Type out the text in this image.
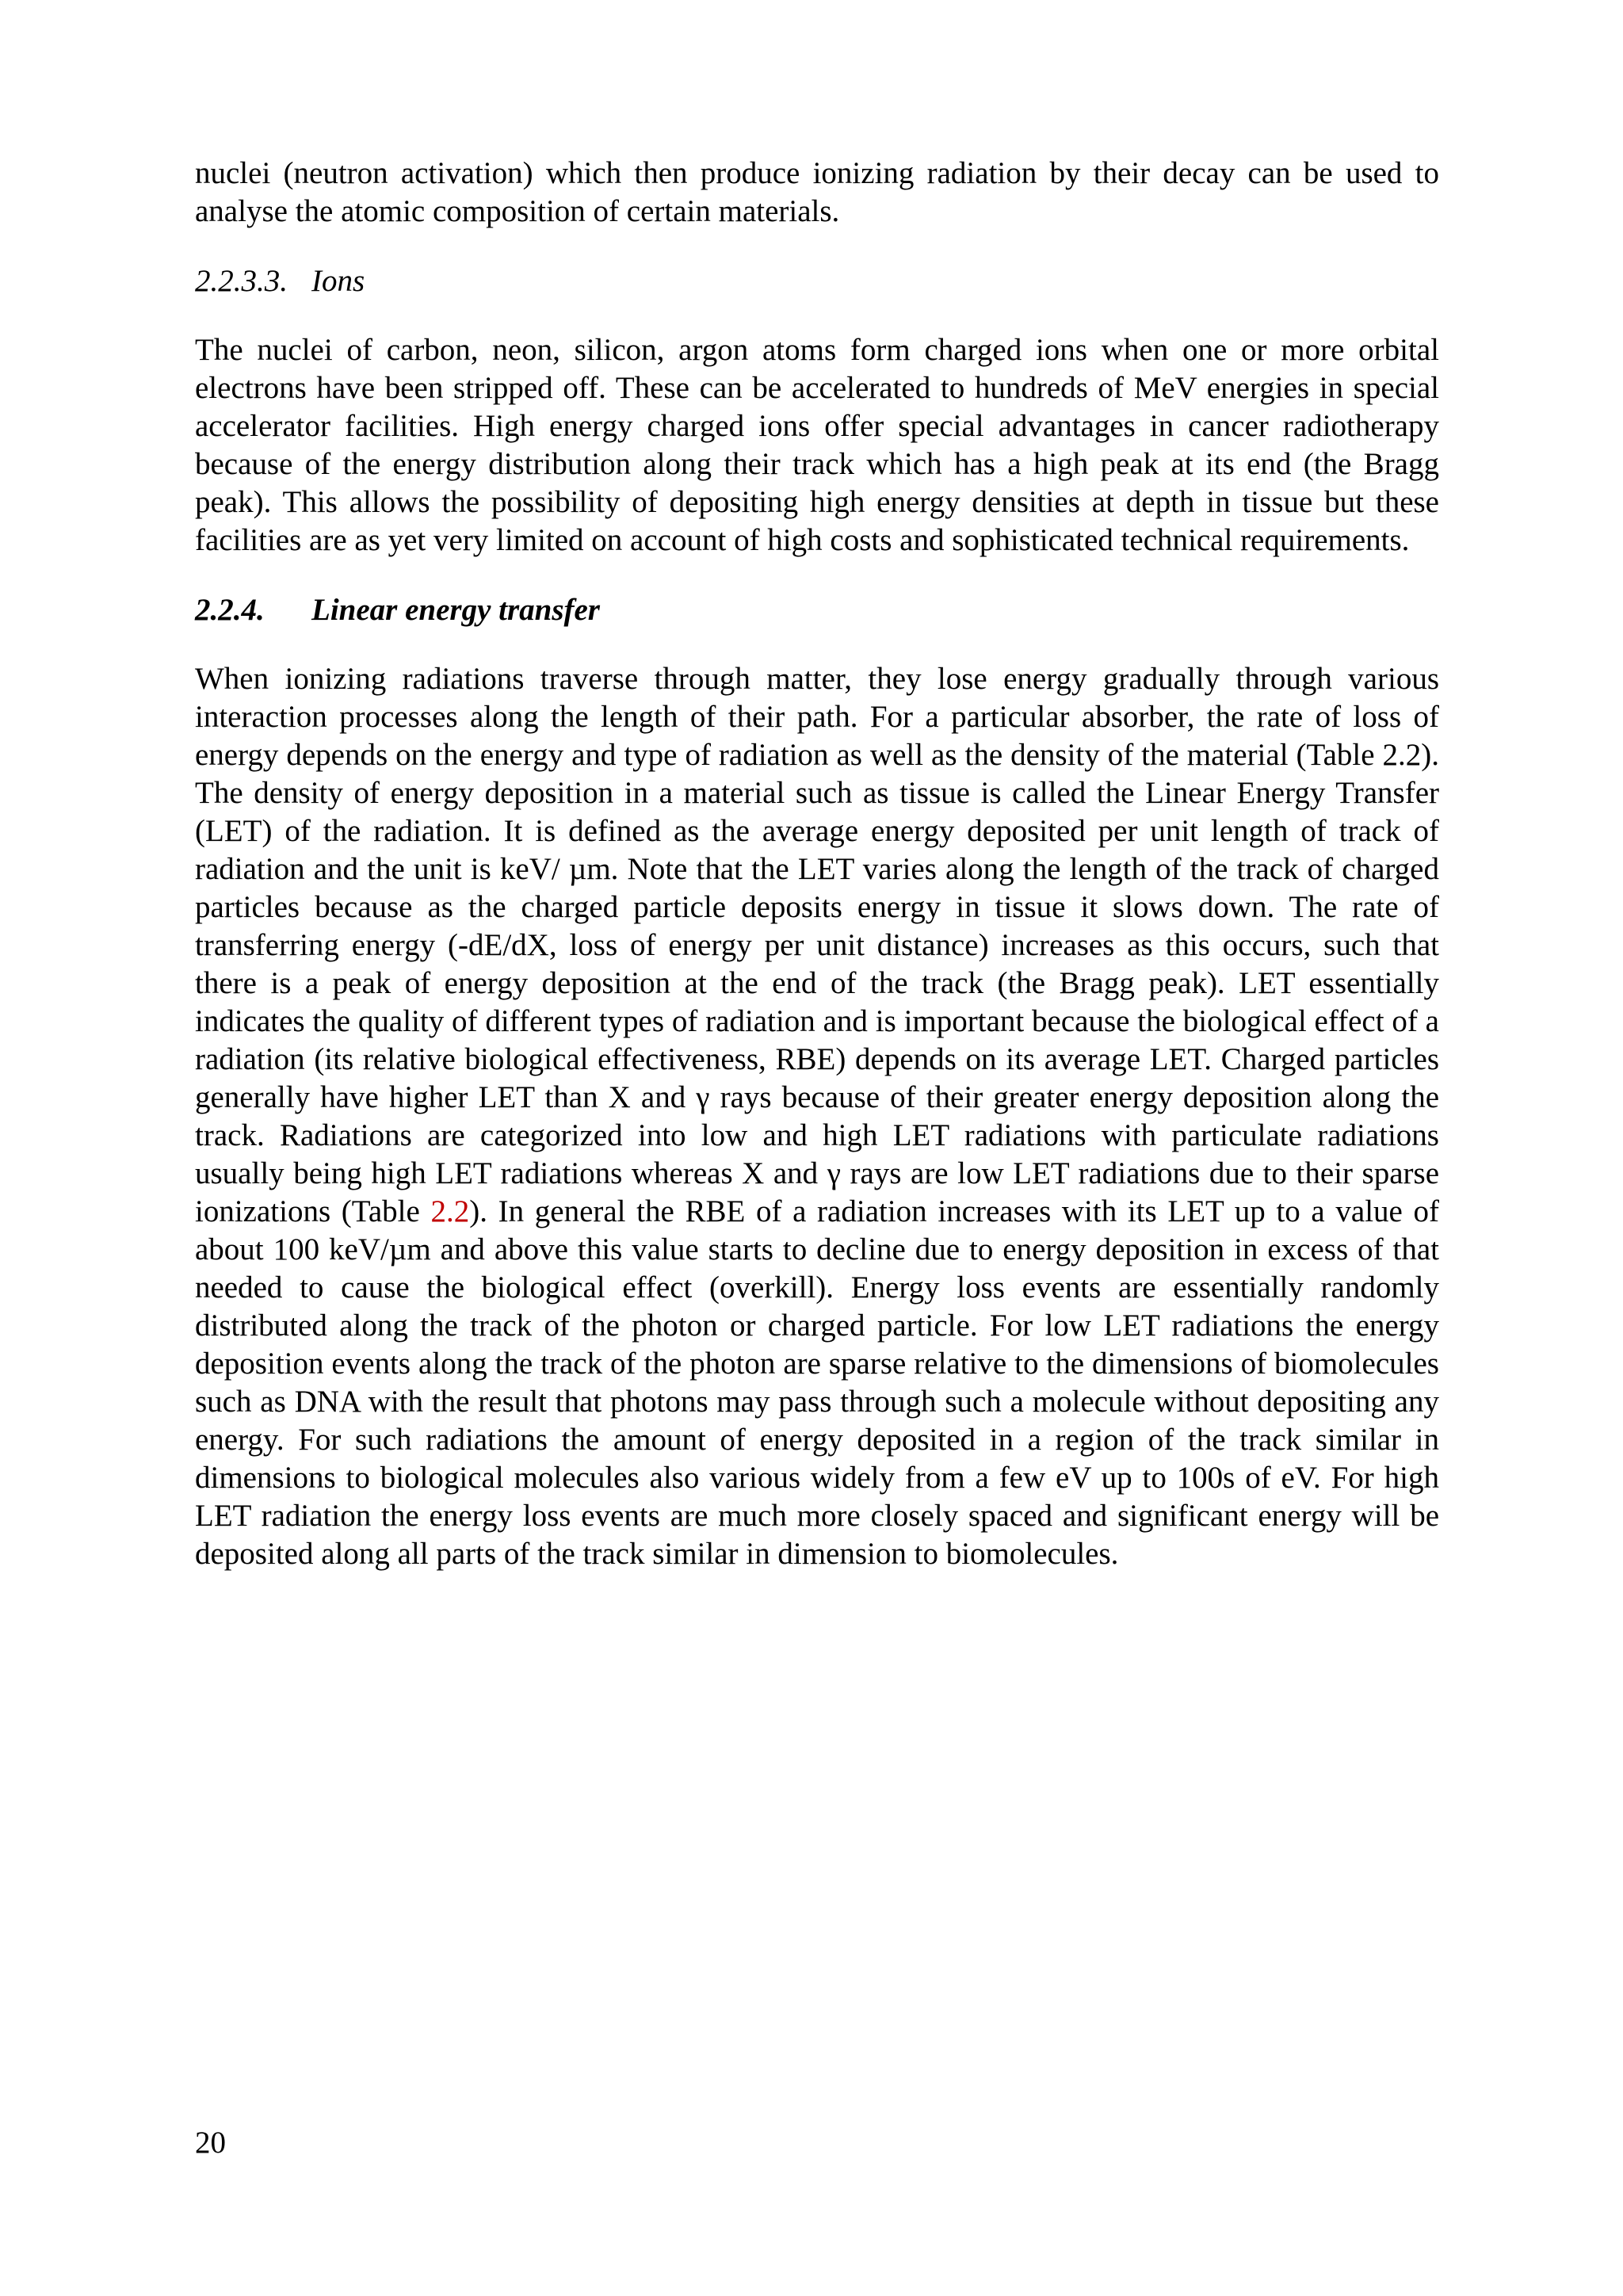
nuclei (neutron activation) which then produce ionizing radiation by their decay can be used to analyse the atomic composition of certain materials.

2.2.3.3. Ions

The nuclei of carbon, neon, silicon, argon atoms form charged ions when one or more orbital electrons have been stripped off. These can be accelerated to hundreds of MeV energies in special accelerator facilities. High energy charged ions offer special advantages in cancer radiotherapy because of the energy distribution along their track which has a high peak at its end (the Bragg peak). This allows the possibility of depositing high energy densities at depth in tissue but these facilities are as yet very limited on account of high costs and sophisticated technical requirements.

2.2.4.	Linear energy transfer

When ionizing radiations traverse through matter, they lose energy gradually through various interaction processes along the length of their path. For a particular absorber, the rate of loss of energy depends on the energy and type of radiation as well as the density of the material (Table 2.2). The density of energy deposition in a material such as tissue is called the Linear Energy Transfer (LET) of the radiation. It is defined as the average energy deposited per unit length of track of radiation and the unit is keV/ µm. Note that the LET varies along the length of the track of charged particles because as the charged particle deposits energy in tissue it slows down. The rate of transferring energy (-dE/dX, loss of energy per unit distance) increases as this occurs, such that there is a peak of energy deposition at the end of the track (the Bragg peak). LET essentially indicates the quality of different types of radiation and is important because the biological effect of a radiation (its relative biological effectiveness, RBE) depends on its average LET. Charged particles generally have higher LET than X and γ rays because of their greater energy deposition along the track. Radiations are categorized into low and high LET radiations with particulate radiations usually being high LET radiations whereas X and γ rays are low LET radiations due to their sparse ionizations (Table 2.2). In general the RBE of a radiation increases with its LET up to a value of about 100 keV/µm and above this value starts to decline due to energy deposition in excess of that needed to cause the biological effect (overkill). Energy loss events are essentially randomly distributed along the track of the photon or charged particle. For low LET radiations the energy deposition events along the track of the photon are sparse relative to the dimensions of biomolecules such as DNA with the result that photons may pass through such a molecule without depositing any energy. For such radiations the amount of energy deposited in a region of the track similar in dimensions to biological molecules also various widely from a few eV up to 100s of eV. For high LET radiation the energy loss events are much more closely spaced and significant energy will be deposited along all parts of the track similar in dimension to biomolecules.

20
